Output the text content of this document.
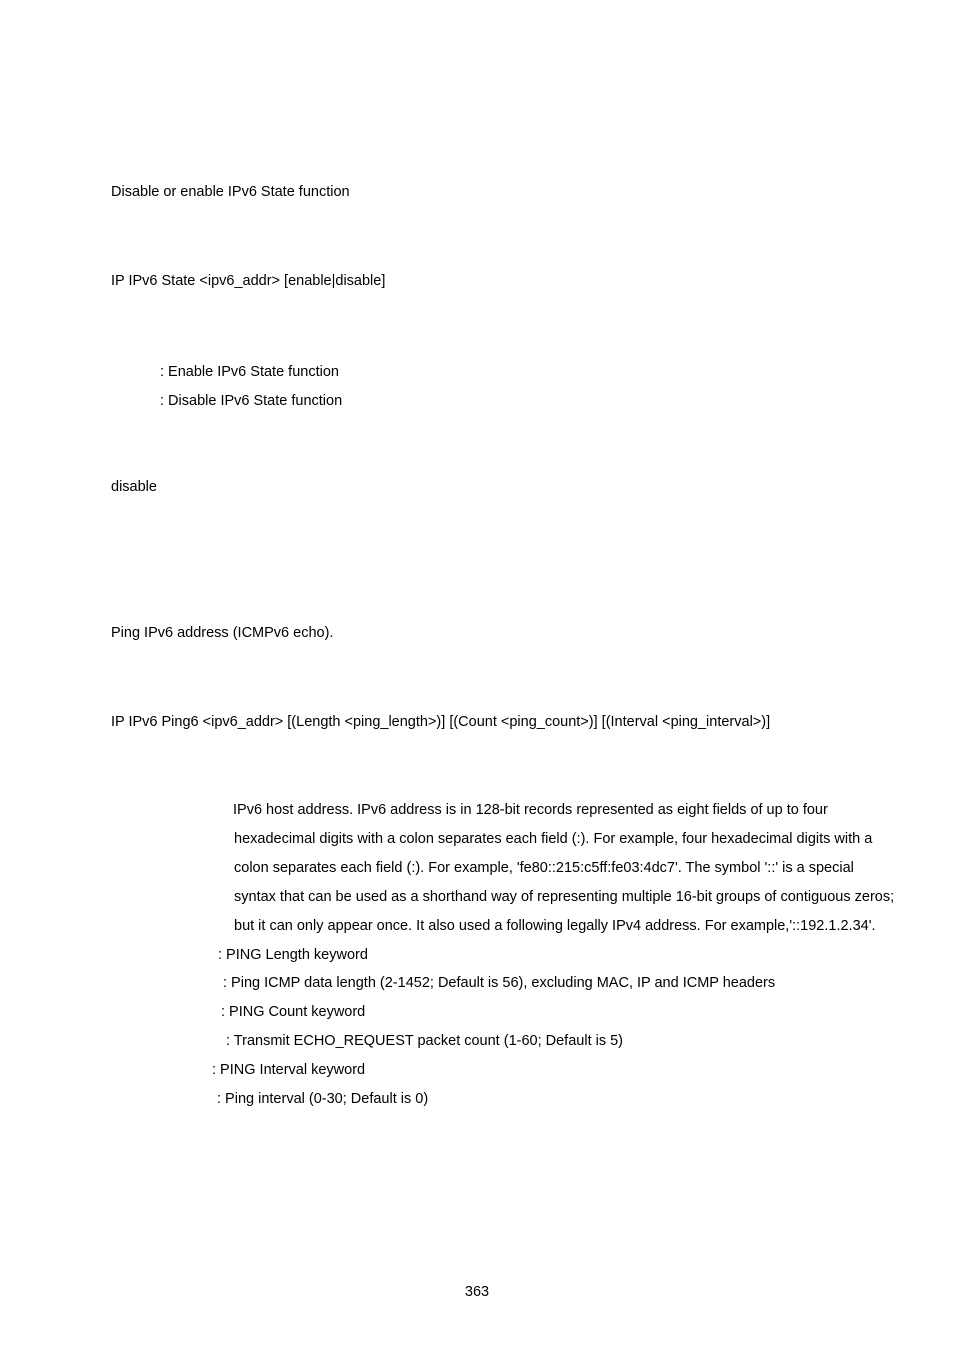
Disable or enable IPv6 State function
IP IPv6 State <ipv6_addr> [enable|disable]
: Enable IPv6 State function
: Disable IPv6 State function
disable
Ping IPv6 address (ICMPv6 echo).
IP IPv6 Ping6 <ipv6_addr> [(Length <ping_length>)] [(Count <ping_count>)] [(Interval <ping_interval>)]
IPv6 host address. IPv6 address is in 128-bit records represented as eight fields of up to four
hexadecimal digits with a colon separates each field (:). For example, four hexadecimal digits with a
colon separates each field (:). For example, 'fe80::215:c5ff:fe03:4dc7'. The symbol '::' is a special
syntax that can be used as a shorthand way of representing multiple 16-bit groups of contiguous zeros;
but it can only appear once. It also used a following legally IPv4 address. For example,'::192.1.2.34'.
: PING Length keyword
: Ping ICMP data length (2-1452; Default is 56), excluding MAC, IP and ICMP headers
: PING Count keyword
: Transmit ECHO_REQUEST packet count (1-60; Default is 5)
: PING Interval keyword
: Ping interval (0-30; Default is 0)
363
